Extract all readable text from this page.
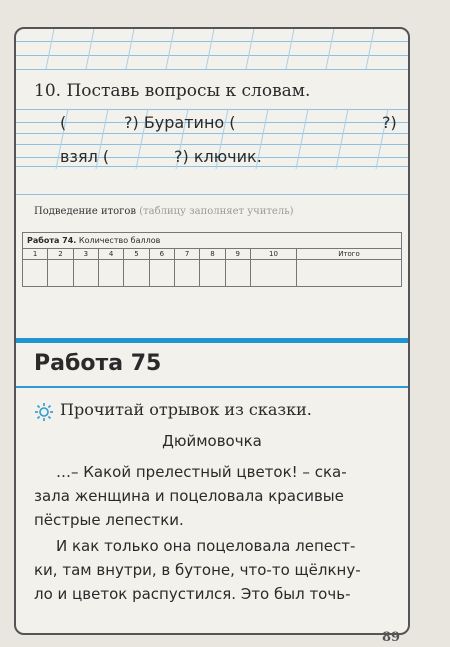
10. Поставь вопросы к словам.
(	?) Буратино (	?)
взял (	?) ключик.
Подведение итогов (таблицу заполняет учитель)
Работа 74. Количество баллов										
1	2	3	4	5	6	7	8	9	10	Итого

Работа 75
Прочитай отрывок из сказки.
Дюймовочка
…– Какой прелестный цветок! – ска-
зала женщина и поцеловала красивые
пёстрые лепестки.
И как только она поцеловала лепест-
ки, там внутри, в бутоне, что-то щёлкну-
ло и цветок распустился. Это был точь-
89
